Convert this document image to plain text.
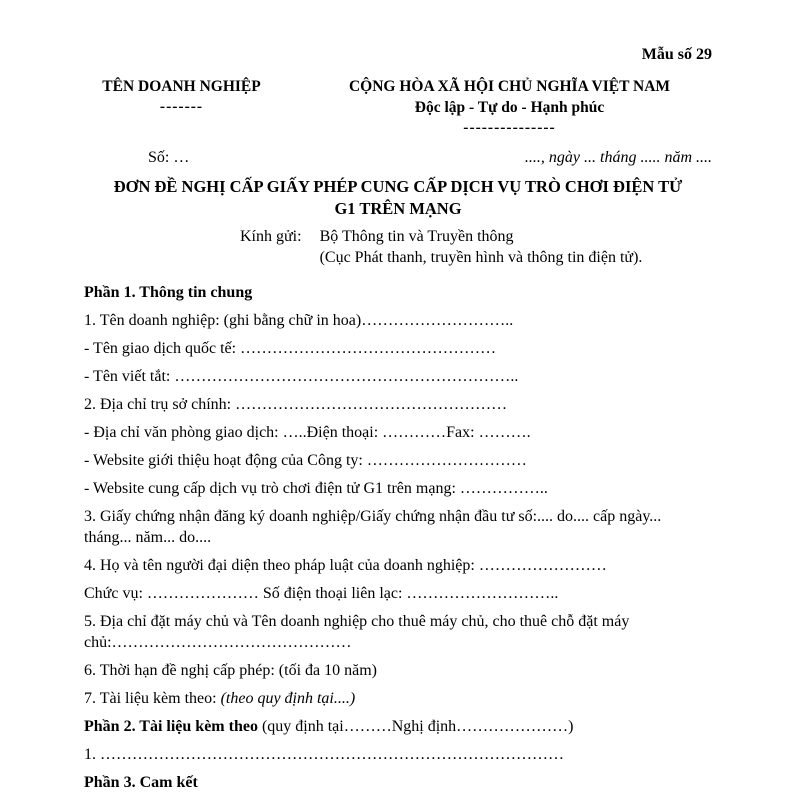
Mẫu số 29
TÊN DOANH NGHIỆP
-------
CỘNG HÒA XÃ HỘI CHỦ NGHĨA VIỆT NAM
Độc lập - Tự do - Hạnh phúc
---------------
Số: …	...., ngày ... tháng ..... năm ....
ĐƠN ĐỀ NGHỊ CẤP GIẤY PHÉP CUNG CẤP DỊCH VỤ TRÒ CHƠI ĐIỆN TỬ
G1 TRÊN MẠNG
Kính gửi: Bộ Thông tin và Truyền thông
(Cục Phát thanh, truyền hình và thông tin điện tử).
Phần 1. Thông tin chung

1. Tên doanh nghiệp: (ghi bằng chữ in hoa)………………………..

- Tên giao dịch quốc tế: …………………………………………

- Tên viết tắt: ………………………………………………………..

2. Địa chỉ trụ sở chính: ……………………………………………

- Địa chỉ văn phòng giao dịch: …..Điện thoại: …………Fax: ……….

- Website giới thiệu hoạt động của Công ty: …………………………

- Website cung cấp dịch vụ trò chơi điện tử G1 trên mạng: ……………..

3. Giấy chứng nhận đăng ký doanh nghiệp/Giấy chứng nhận đầu tư số:.... do.... cấp ngày... tháng... năm... do....

4. Họ và tên người đại diện theo pháp luật của doanh nghiệp: ……………………

Chức vụ: ………………… Số điện thoại liên lạc: ………………………..

5. Địa chỉ đặt máy chủ và Tên doanh nghiệp cho thuê máy chủ, cho thuê chỗ đặt máy chủ:………………………………………

6. Thời hạn đề nghị cấp phép: (tối đa 10 năm)

7. Tài liệu kèm theo: (theo quy định tại....)

Phần 2. Tài liệu kèm theo (quy định tại………Nghị định…………………)

1. ……………………………………………………………………………

Phần 3. Cam kết
